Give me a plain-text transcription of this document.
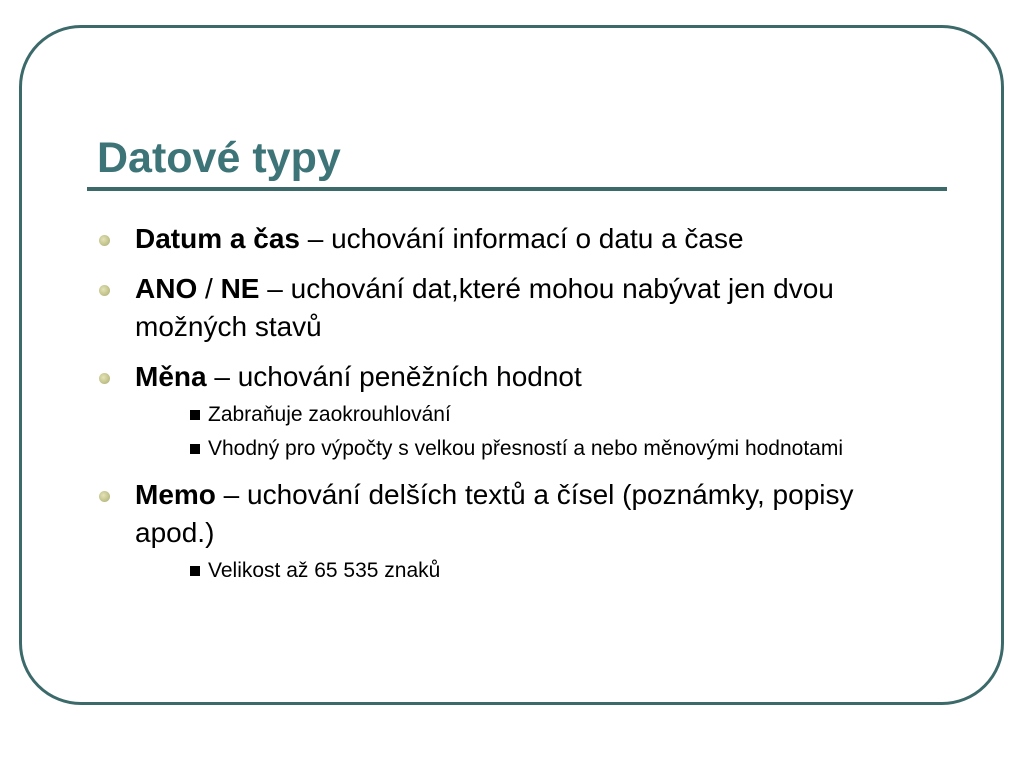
Datové typy
Datum a čas – uchování informací o datu a čase
ANO / NE – uchování dat,které mohou nabývat jen dvou možných stavů
Měna – uchování peněžních hodnot
Zabraňuje zaokrouhlování
Vhodný pro výpočty s velkou přesností a nebo měnovými hodnotami
Memo – uchování delších textů a čísel (poznámky, popisy apod.)
Velikost až 65 535 znaků
